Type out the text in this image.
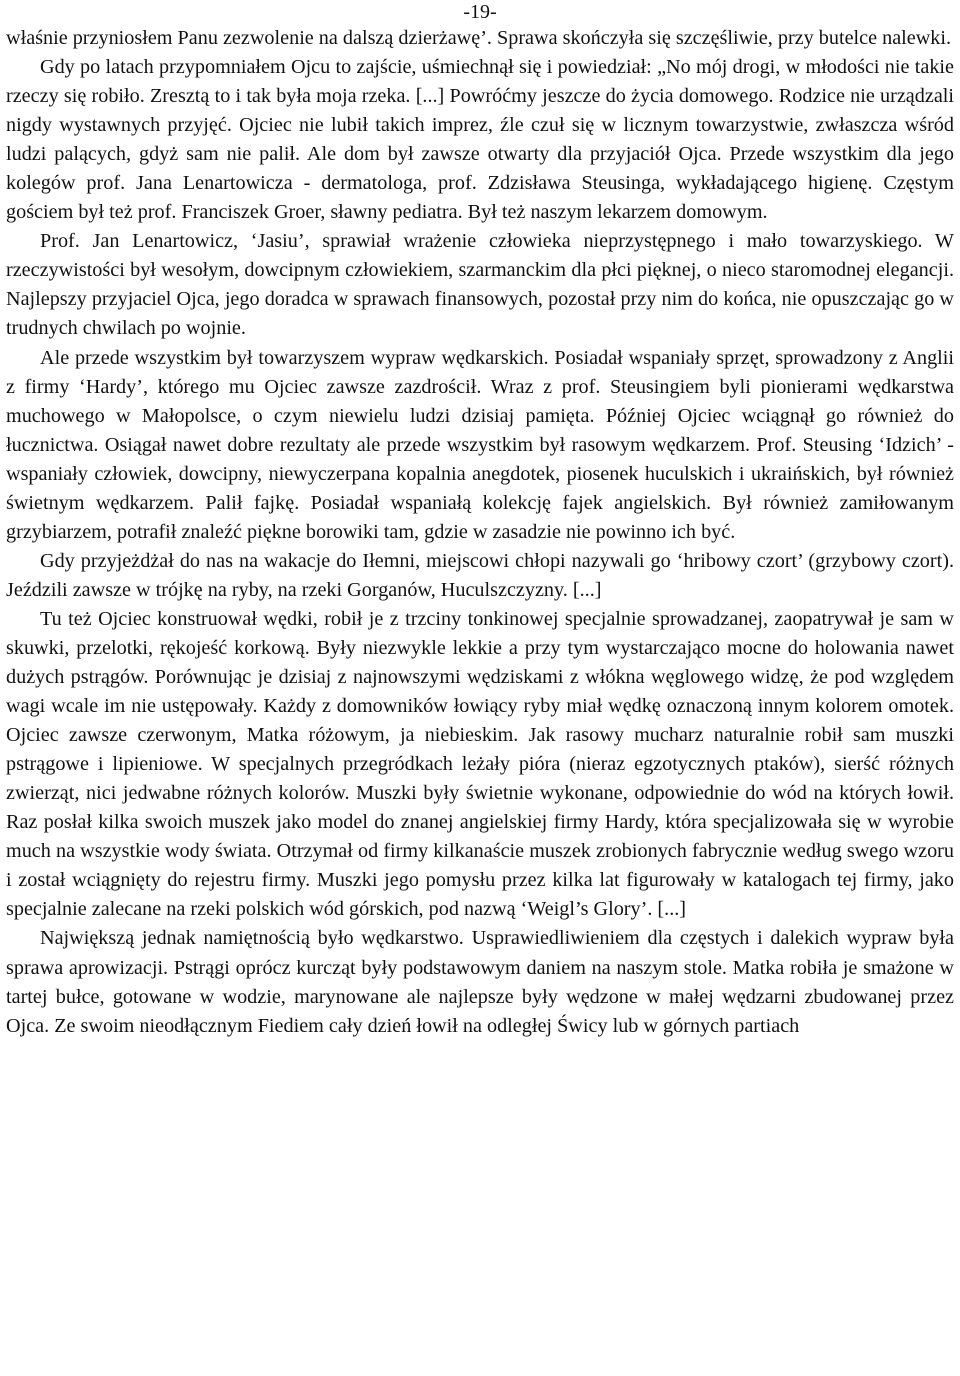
-19-

właśnie przyniosłem Panu zezwolenie na dalszą dzierżawę’. Sprawa skończyła się szczęśliwie, przy butelce nalewki.

Gdy po latach przypomniałem Ojcu to zajście, uśmiechnął się i powiedział: „No mój drogi, w młodości nie takie rzeczy się robiło. Zresztą to i tak była moja rzeka. [...] Powróćmy jeszcze do życia domowego. Rodzice nie urządzali nigdy wystawnych przyjęć. Ojciec nie lubił takich imprez, źle czuł się w licznym towarzystwie, zwłaszcza wśród ludzi palących, gdyż sam nie palił. Ale dom był zawsze otwarty dla przyjaciół Ojca. Przede wszystkim dla jego kolegów prof. Jana Lenartowicza - dermatologa, prof. Zdzisława Steusinga, wykładającego higienę. Częstym gościem był też prof. Franciszek Groer, sławny pediatra. Był też naszym lekarzem domowym.

Prof. Jan Lenartowicz, ‘Jasiu’, sprawiał wrażenie człowieka nieprzystępnego i mało towarzyskiego. W rzeczywistości był wesołym, dowcipnym człowiekiem, szarmanckim dla płci pięknej, o nieco staromodnej elegancji. Najlepszy przyjaciel Ojca, jego doradca w sprawach finansowych, pozostał przy nim do końca, nie opuszczając go w trudnych chwilach po wojnie.

Ale przede wszystkim był towarzyszem wypraw wędkarskich. Posiadał wspaniały sprzęt, sprowadzony z Anglii z firmy ‘Hardy’, którego mu Ojciec zawsze zazdrościł. Wraz z prof. Steusingiem byli pionierami wędkarstwa muchowego w Małopolsce, o czym niewielu ludzi dzisiaj pamięta. Później Ojciec wciągnął go również do łucznictwa. Osiągał nawet dobre rezultaty ale przede wszystkim był rasowym wędkarzem. Prof. Steusing ‘Idzich’ - wspaniały człowiek, dowcipny, niewyczerpana kopalnia anegdotek, piosenek huculskich i ukraińskich, był również świetnym wędkarzem. Palił fajkę. Posiadał wspaniałą kolekcję fajek angielskich. Był również zamiłowanym grzybiarzem, potrafił znaleźć piękne borowiki tam, gdzie w zasadzie nie powinno ich być.

Gdy przyjeżdżał do nas na wakacje do Iłemni, miejscowi chłopi nazywali go ‘hribowy czort’ (grzybowy czort). Jeździli zawsze w trójkę na ryby, na rzeki Gorganów, Huculszczyzny. [...]

Tu też Ojciec konstruował wędki, robił je z trzciny tonkinowej specjalnie sprowadzanej, zaopatrywał je sam w skuwki, przelotki, rękojeść korkową. Były niezwykle lekkie a przy tym wystarczająco mocne do holowania nawet dużych pstrągów. Porównując je dzisiaj z najnowszymi wędziskami z włókna węglowego widzę, że pod względem wagi wcale im nie ustępowały. Każdy z domowników łowiący ryby miał wędkę oznaczoną innym kolorem omotek. Ojciec zawsze czerwonym, Matka różowym, ja niebieskim. Jak rasowy mucharz naturalnie robił sam muszki pstrągowe i lipieniowe. W specjalnych przegródkach leżały pióra (nieraz egzotycznych ptaków), sierść różnych zwierząt, nici jedwabne różnych kolorów. Muszki były świetnie wykonane, odpowiednie do wód na których łowił. Raz posłał kilka swoich muszek jako model do znanej angielskiej firmy Hardy, która specjalizowała się w wyrobie much na wszystkie wody świata. Otrzymał od firmy kilkanaście muszek zrobionych fabrycznie według swego wzoru i został wciągnięty do rejestru firmy. Muszki jego pomysłu przez kilka lat figurowały w katalogach tej firmy, jako specjalnie zalecane na rzeki polskich wód górskich, pod nazwą ‘Weigl’s Glory’. [...]

Największą jednak namiętnością było wędkarstwo. Usprawiedliwieniem dla częstych i dalekich wypraw była sprawa aprowizacji. Pstrągi oprócz kurcząt były podstawowym daniem na naszym stole. Matka robiła je smażone w tartej bułce, gotowane w wodzie, marynowane ale najlepsze były wędzone w małej wędzarni zbudowanej przez Ojca. Ze swoim nieodłącznym Fiediem cały dzień łowił na odległej Świcy lub w górnych partiach
